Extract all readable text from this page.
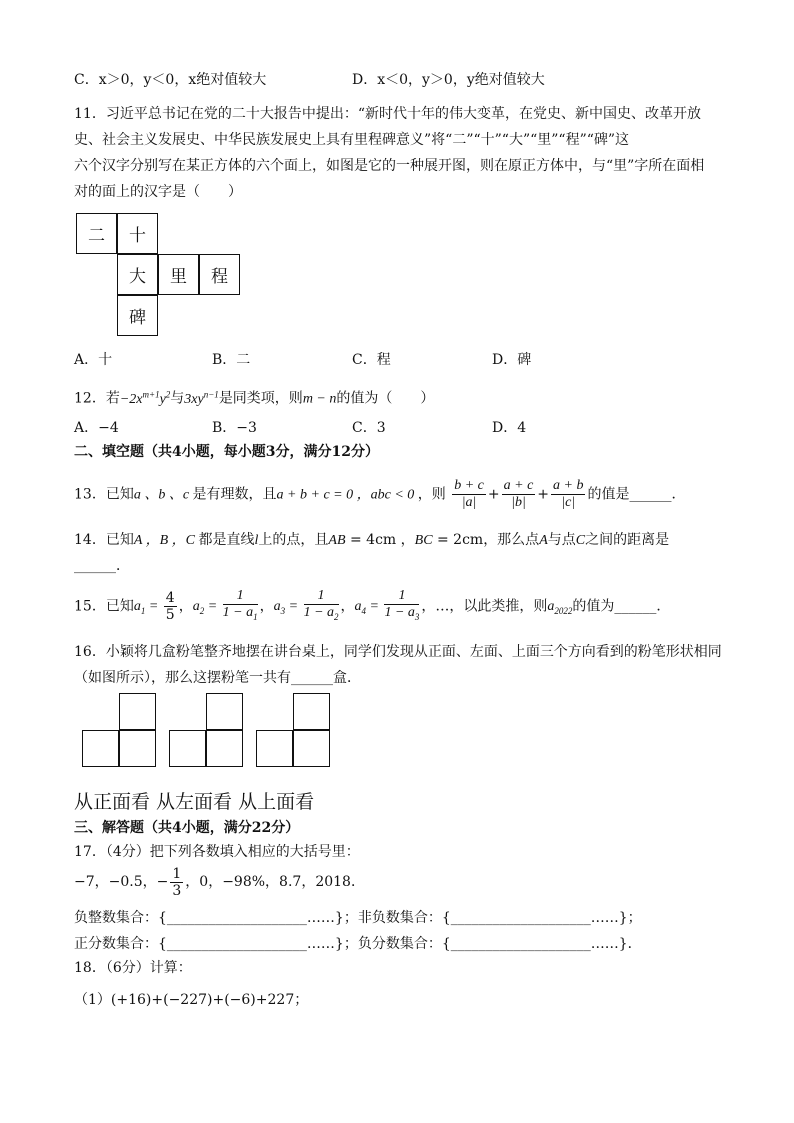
C．x＞0，y＜0，x绝对值较大	D．x＜0，y＞0，y绝对值较大
11．习近平总书记在党的二十大报告中提出：“新时代十年的伟大变革，在党史、新中国史、改革开放
史、社会主义发展史、中华民族发展史上具有里程碑意义”将“二”“十”“大”“里”“程”“碑”这
六个汉字分别写在某正方体的六个面上，如图是它的一种展开图，则在原正方体中，与“里”字所在面相
对的面上的汉字是（　　）
二	十
大	里	程
碑
A．十	B．二	C．程	D．碑
12．若$-2x^{m+1}y^2$与$3xy^{n-1}$是同类项，则m − n的值为（　　）
A．−4	B．−3	C．3	D．4
二、填空题（共4小题，每小题3分，满分12分）
13．已知a 、b 、c 是有理数，且a + b + c = 0 ，abc < 0 ，则 $\frac{b + c}{|a|} + \frac{a + c}{|b|} + \frac{a + b}{|c|}$ 的值是______．
14．已知A ，B ，C 都是直线l上的点，且AB = 4cm ，BC = 2cm，那么点A与点C之间的距离是
______．
15．已知$a_1 = \frac{4}{5}$ ，$a_2 = \frac{1}{1 - a_1}$ ，$a_3 = \frac{1}{1 - a_2}$ ，$a_4 = \frac{1}{1 - a_3}$ ，…，以此类推，则$a_{2022}$的值为______．
16．小颖将几盒粉笔整齐地摆在讲台桌上，同学们发现从正面、左面、上面三个方向看到的粉笔形状相同
（如图所示），那么这摆粉笔一共有______盒．
从正面看 从左面看 从上面看
三、解答题（共4小题，满分22分）
17．（4分）把下列各数填入相应的大括号里：
−7，−0.5，− $\frac{1}{3}$ ，0，−98%，8.7，2018．
负整数集合：{____________________……}；非负数集合：{____________________……}；
正分数集合：{____________________……}；负分数集合：{____________________……}．
18．（6分）计算：
（1）(+16)+(−227)+(−6)+227；
